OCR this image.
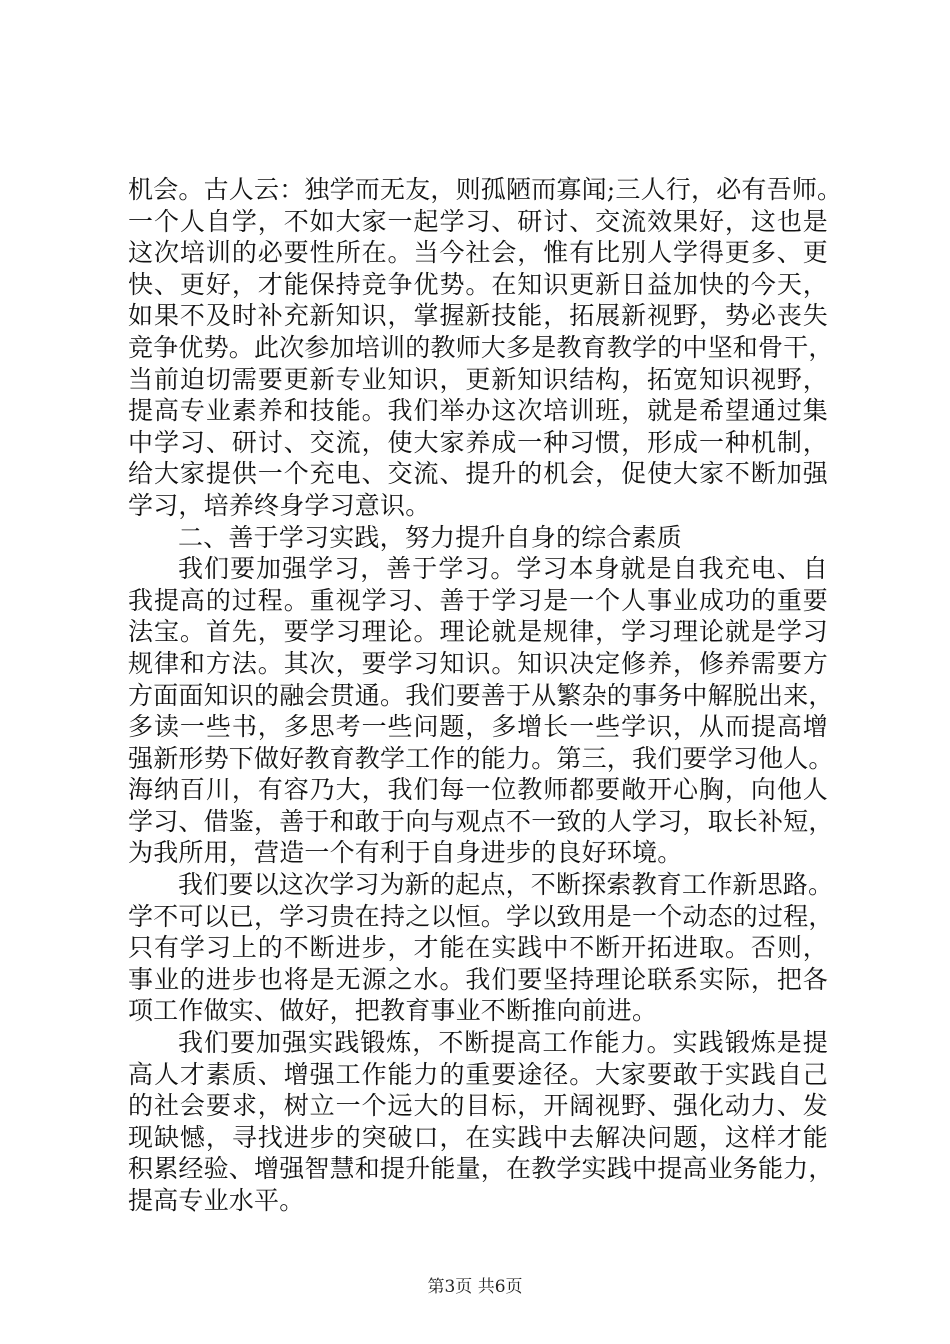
机会。古人云：独学而无友，则孤陋而寡闻;三人行，必有吾师。
一个人自学，不如大家一起学习、研讨、交流效果好，这也是
这次培训的必要性所在。当今社会，惟有比别人学得更多、更
快、更好，才能保持竞争优势。在知识更新日益加快的今天，
如果不及时补充新知识，掌握新技能，拓展新视野，势必丧失
竞争优势。此次参加培训的教师大多是教育教学的中坚和骨干，
当前迫切需要更新专业知识，更新知识结构，拓宽知识视野，
提高专业素养和技能。我们举办这次培训班，就是希望通过集
中学习、研讨、交流，使大家养成一种习惯，形成一种机制，
给大家提供一个充电、交流、提升的机会，促使大家不断加强
学习，培养终身学习意识。
二、善于学习实践，努力提升自身的综合素质
我们要加强学习，善于学习。学习本身就是自我充电、自
我提高的过程。重视学习、善于学习是一个人事业成功的重要
法宝。首先，要学习理论。理论就是规律，学习理论就是学习
规律和方法。其次，要学习知识。知识决定修养，修养需要方
方面面知识的融会贯通。我们要善于从繁杂的事务中解脱出来，
多读一些书，多思考一些问题，多增长一些学识，从而提高增
强新形势下做好教育教学工作的能力。第三，我们要学习他人。
海纳百川，有容乃大，我们每一位教师都要敞开心胸，向他人
学习、借鉴，善于和敢于向与观点不一致的人学习，取长补短，
为我所用，营造一个有利于自身进步的良好环境。
我们要以这次学习为新的起点，不断探索教育工作新思路。
学不可以已，学习贵在持之以恒。学以致用是一个动态的过程，
只有学习上的不断进步，才能在实践中不断开拓进取。否则，
事业的进步也将是无源之水。我们要坚持理论联系实际，把各
项工作做实、做好，把教育事业不断推向前进。
我们要加强实践锻炼，不断提高工作能力。实践锻炼是提
高人才素质、增强工作能力的重要途径。大家要敢于实践自己
的社会要求，树立一个远大的目标，开阔视野、强化动力、发
现缺憾，寻找进步的突破口，在实践中去解决问题，这样才能
积累经验、增强智慧和提升能量，在教学实践中提高业务能力，
提高专业水平。
第3页 共6页
